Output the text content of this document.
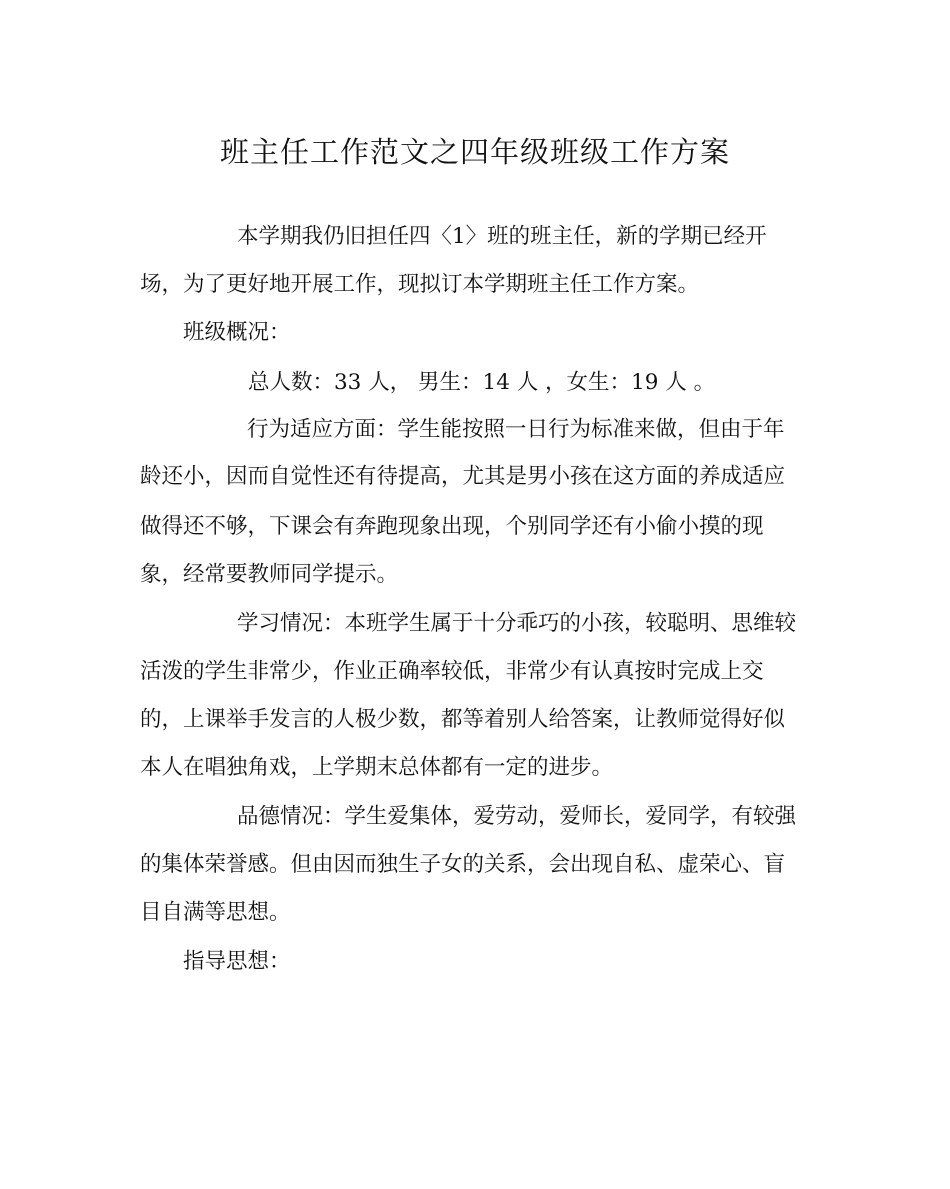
班主任工作范文之四年级班级工作方案
本学期我仍旧担任四〈1〉班的班主任，新的学期已经开
场，为了更好地开展工作，现拟订本学期班主任工作方案。
班级概况：
总人数：33 人， 男生：14 人 ，女生：19 人 。
行为适应方面：学生能按照一日行为标准来做，但由于年
龄还小，因而自觉性还有待提高，尤其是男小孩在这方面的养成适应
做得还不够，下课会有奔跑现象出现，个别同学还有小偷小摸的现
象，经常要教师同学提示。
学习情况：本班学生属于十分乖巧的小孩，较聪明、思维较
活泼的学生非常少，作业正确率较低，非常少有认真按时完成上交
的，上课举手发言的人极少数，都等着别人给答案，让教师觉得好似
本人在唱独角戏，上学期末总体都有一定的进步。
品德情况：学生爱集体，爱劳动，爱师长，爱同学，有较强
的集体荣誉感。但由因而独生子女的关系，会出现自私、虚荣心、盲
目自满等思想。
指导思想：
